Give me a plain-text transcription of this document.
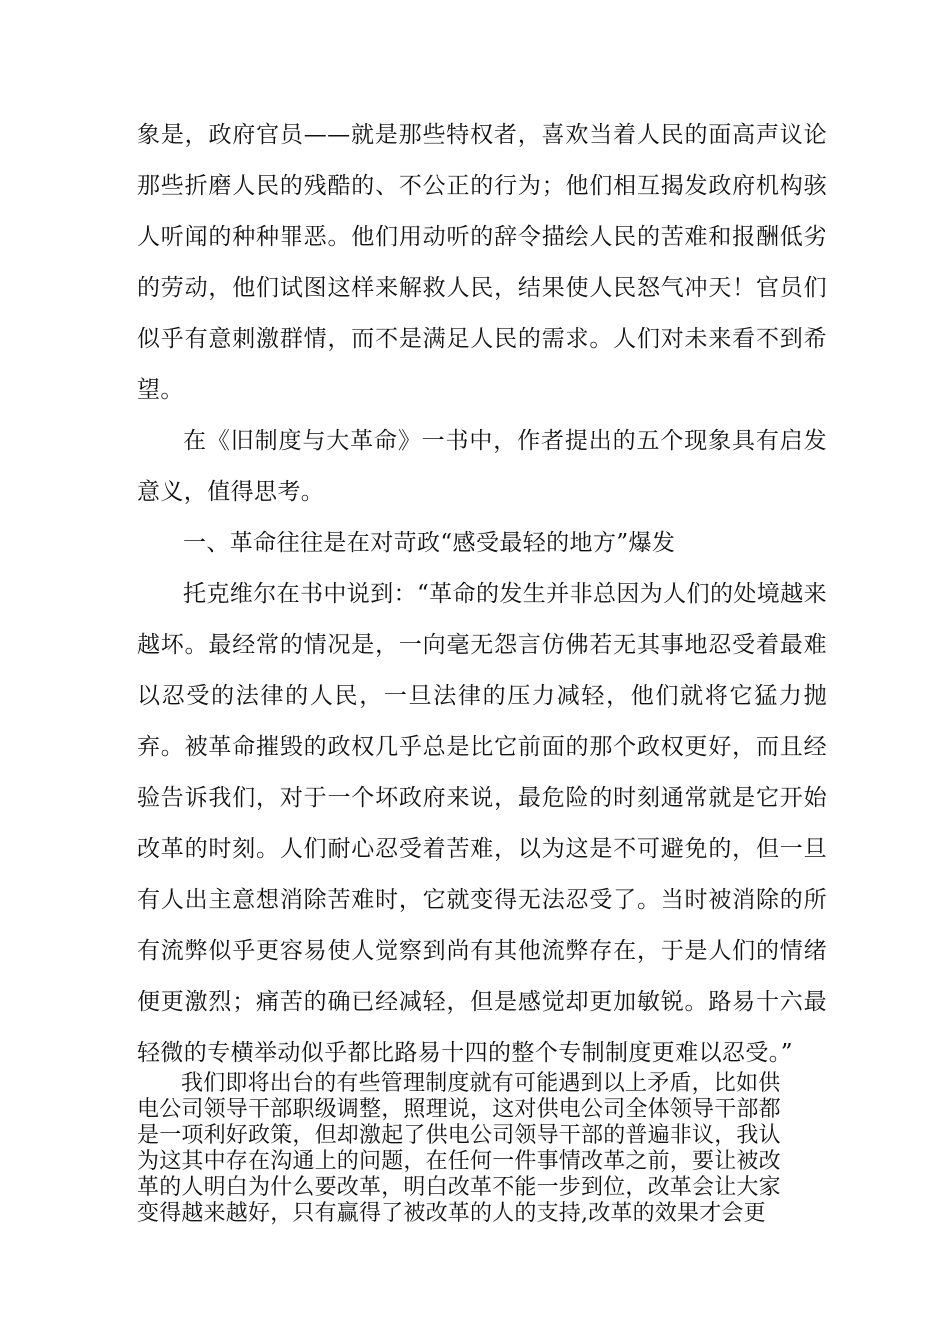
象是，政府官员——就是那些特权者，喜欢当着人民的面高声议论那些折磨人民的残酷的、不公正的行为；他们相互揭发政府机构骇人听闻的种种罪恶。他们用动听的辞令描绘人民的苦难和报酬低劣的劳动，他们试图这样来解救人民，结果使人民怒气冲天！官员们似乎有意刺激群情，而不是满足人民的需求。人们对未来看不到希望。

在《旧制度与大革命》一书中，作者提出的五个现象具有启发意义，值得思考。

一、革命往往是在对苛政“感受最轻的地方”爆发

托克维尔在书中说到：“革命的发生并非总因为人们的处境越来越坏。最经常的情况是，一向毫无怨言仿佛若无其事地忍受着最难以忍受的法律的人民，一旦法律的压力减轻，他们就将它猛力抛弃。被革命摧毁的政权几乎总是比它前面的那个政权更好，而且经验告诉我们，对于一个坏政府来说，最危险的时刻通常就是它开始改革的时刻。人们耐心忍受着苦难，以为这是不可避免的，但一旦有人出主意想消除苦难时，它就变得无法忍受了。当时被消除的所有流弊似乎更容易使人觉察到尚有其他流弊存在，于是人们的情绪便更激烈；痛苦的确已经减轻，但是感觉却更加敏锐。路易十六最轻微的专横举动似乎都比路易十四的整个专制制度更难以忍受。”

我们即将出台的有些管理制度就有可能遇到以上矛盾，比如供
电公司领导干部职级调整，照理说，这对供电公司全体领导干部都
是一项利好政策，但却激起了供电公司领导干部的普遍非议，我认
为这其中存在沟通上的问题，在任何一件事情改革之前，要让被改
革的人明白为什么要改革，明白改革不能一步到位，改革会让大家
变得越来越好，只有赢得了被改革的人的支持,改革的效果才会更
